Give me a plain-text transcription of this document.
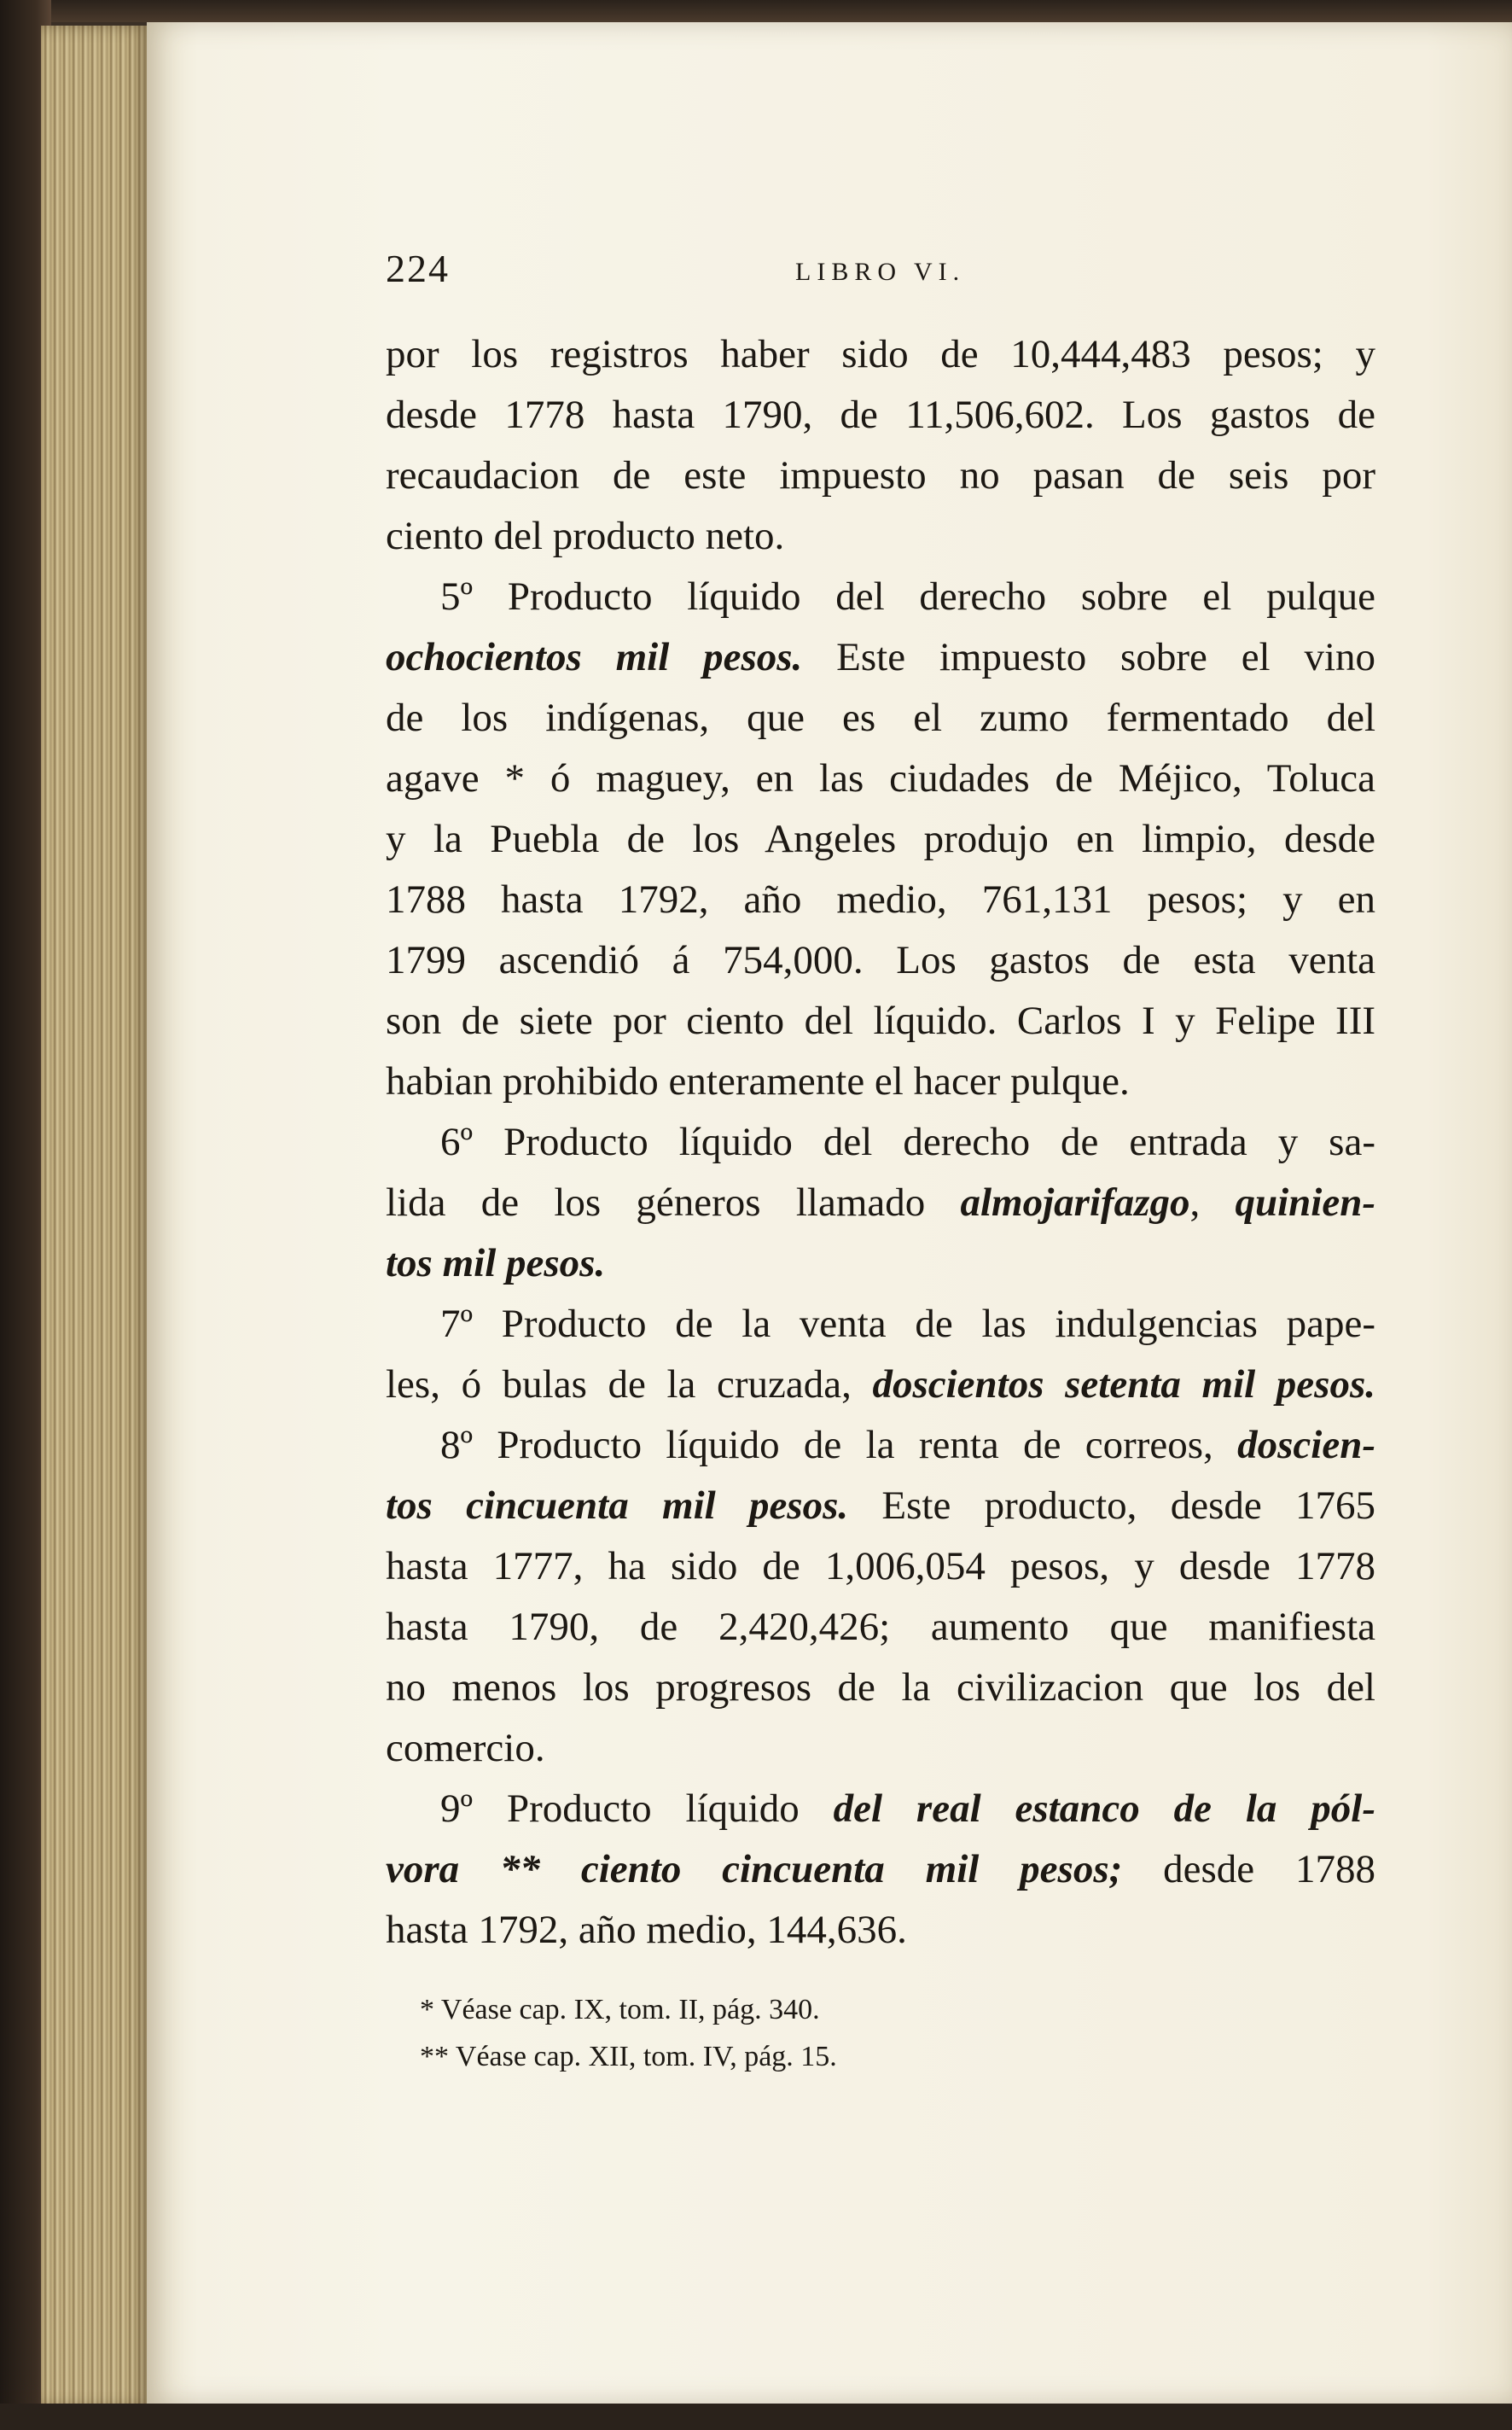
224	LIBRO VI.
por los registros haber sido de 10,444,483 pesos; y
desde 1778 hasta 1790, de 11,506,602. Los gastos de
recaudacion de este impuesto no pasan de seis por
ciento del producto neto.
5º Producto líquido del derecho sobre el pulque
ochocientos mil pesos. Este impuesto sobre el vino
de los indígenas, que es el zumo fermentado del
agave * ó maguey, en las ciudades de Méjico, Toluca
y la Puebla de los Angeles produjo en limpio, desde
1788 hasta 1792, año medio, 761,131 pesos; y en
1799 ascendió á 754,000. Los gastos de esta venta
son de siete por ciento del líquido. Carlos I y Felipe III
habian prohibido enteramente el hacer pulque.
6º Producto líquido del derecho de entrada y sa-
lida de los géneros llamado almojarifazgo, quinien-
tos mil pesos.
7º Producto de la venta de las indulgencias pape-
les, ó bulas de la cruzada, doscientos setenta mil pesos.
8º Producto líquido de la renta de correos, doscien-
tos cincuenta mil pesos. Este producto, desde 1765
hasta 1777, ha sido de 1,006,054 pesos, y desde 1778
hasta 1790, de 2,420,426; aumento que manifiesta
no menos los progresos de la civilizacion que los del
comercio.
9º Producto líquido del real estanco de la pól-
vora ** ciento cincuenta mil pesos; desde 1788
hasta 1792, año medio, 144,636.
* Véase cap. IX, tom. II, pág. 340.
** Véase cap. XII, tom. IV, pág. 15.
